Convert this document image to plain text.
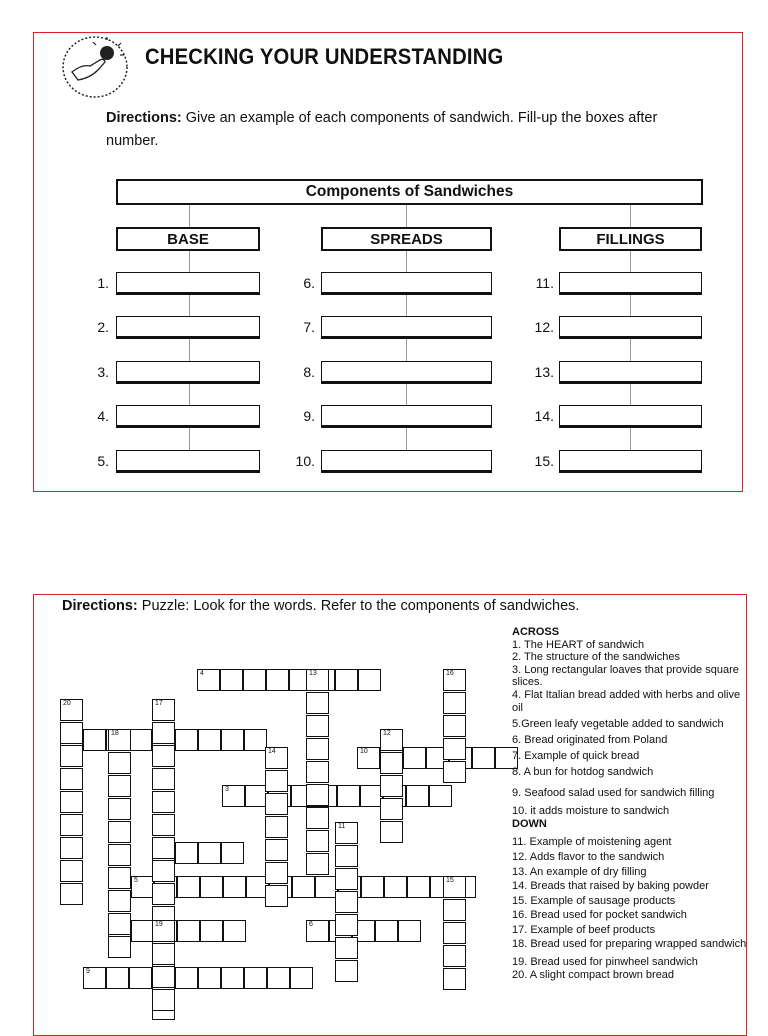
CHECKING YOUR UNDERSTANDING
Directions: Give an example of each components of sandwich. Fill-up the boxes after number.
Components of Sandwiches
BASE	SPREADS	FILLINGS
1.	6.	11.
2.	7.	12.
3.	8.	13.
4.	9.	14.
5.	10.	15.
Directions: Puzzle: Look for the words. Refer to the components of sandwiches.
4
10
3
5
6
9
20
16
17
13
18
14
12
11
15
19
ACROSS
1. The HEART of sandwich
2. The structure of the sandwiches
3. Long rectangular loaves that provide square slices.
4. Flat Italian bread added with herbs and olive oil
5.Green leafy vegetable added to sandwich
6. Bread originated from Poland
7. Example of quick bread
8. A bun for hotdog sandwich
9. Seafood salad used for sandwich filling
10. it adds moisture to sandwich
DOWN
11. Example of moistening agent
12. Adds flavor to the sandwich
13. An example of dry filling
14. Breads that raised by baking powder
15. Example of sausage products
16. Bread used for pocket sandwich
17. Example of beef products
18. Bread used for preparing wrapped sandwich
19. Bread used for pinwheel sandwich
20. A slight compact brown bread
